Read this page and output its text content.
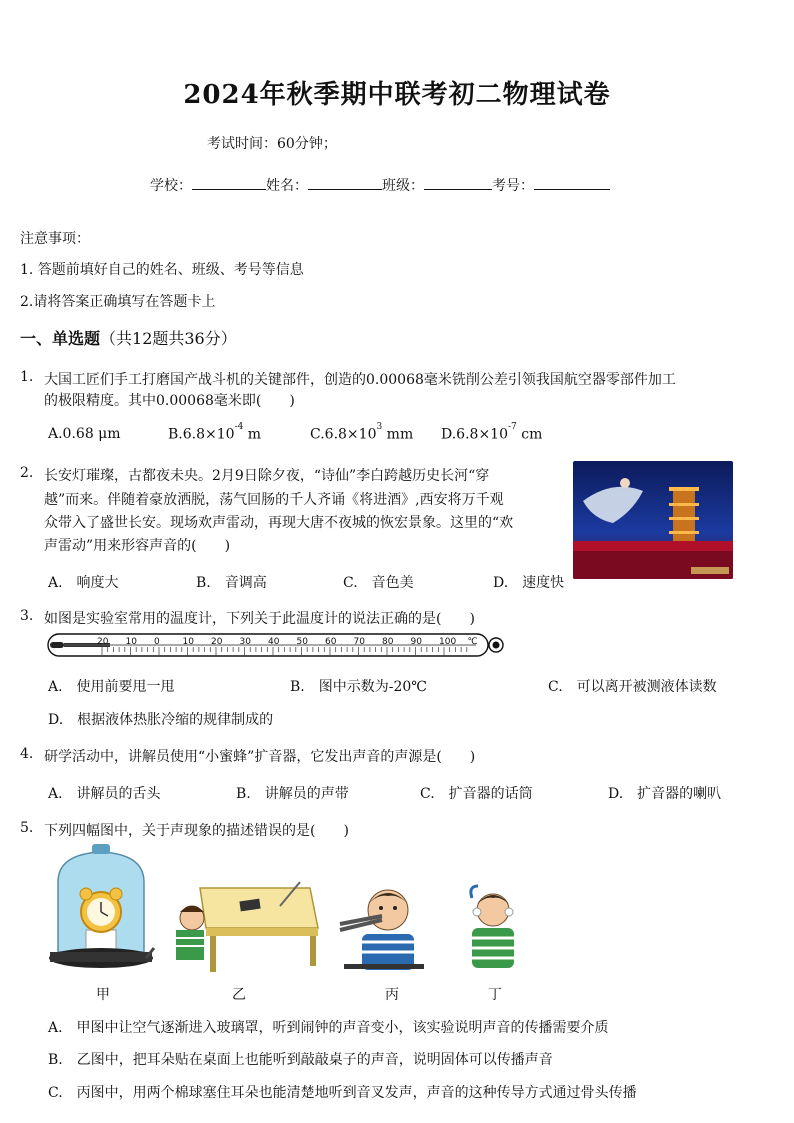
2024年秋季期中联考初二物理试卷
考试时间：60分钟；
学校：	姓名：	班级：	考号：
注意事项：
1. 答题前填好自己的姓名、班级、考号等信息
2.请将答案正确填写在答题卡上
一、单选题（共12题共36分）
1. 大国工匠们手工打磨国产战斗机的关键部件，创造的0.00068毫米铣削公差引领我国航空器零部件加工
的极限精度。其中0.00068毫米即(　　)
A.0.68 μm	$B.6.8\times 10^{-4}$ m	$C.6.8\times 10^3$ mm $D.6.8\times 10^{-7}$ cm
2. 长安灯璀璨，古都夜未央。2月9日除夕夜，“诗仙”李白跨越历史长河“穿
越”而来。伴随着豪放洒脱，荡气回肠的千人齐诵《将进酒》,西安将万千观
众带入了盛世长安。现场欢声雷动，再现大唐不夜城的恢宏景象。这里的“欢
声雷动”用来形容声音的(　　)
A.　响度大	B.　音调高	C.　音色美	D.　速度快
3. 如图是实验室常用的温度计，下列关于此温度计的说法正确的是(　　)
20 10 0	10 20 30 40 50 60 70 80 90 100 ℃
A.　使用前要甩一甩	B.　图中示数为-20℃	C.　可以离开被测液体读数
D.　根据液体热胀冷缩的规律制成的
4. 研学活动中，讲解员使用“小蜜蜂”扩音器，它发出声音的声源是(　　)
A.　讲解员的舌头	B.　讲解员的声带	C.　扩音器的话筒	D.　扩音器的喇叭
5. 下列四幅图中，关于声现象的描述错误的是(　　)
甲	乙	丙	丁
A.　甲图中让空气逐渐进入玻璃罩，听到闹钟的声音变小，该实验说明声音的传播需要介质
B.　乙图中，把耳朵贴在桌面上也能听到敲敲桌子的声音，说明固体可以传播声音
C.　丙图中，用两个棉球塞住耳朵也能清楚地听到音叉发声，声音的这种传导方式通过骨头传播
